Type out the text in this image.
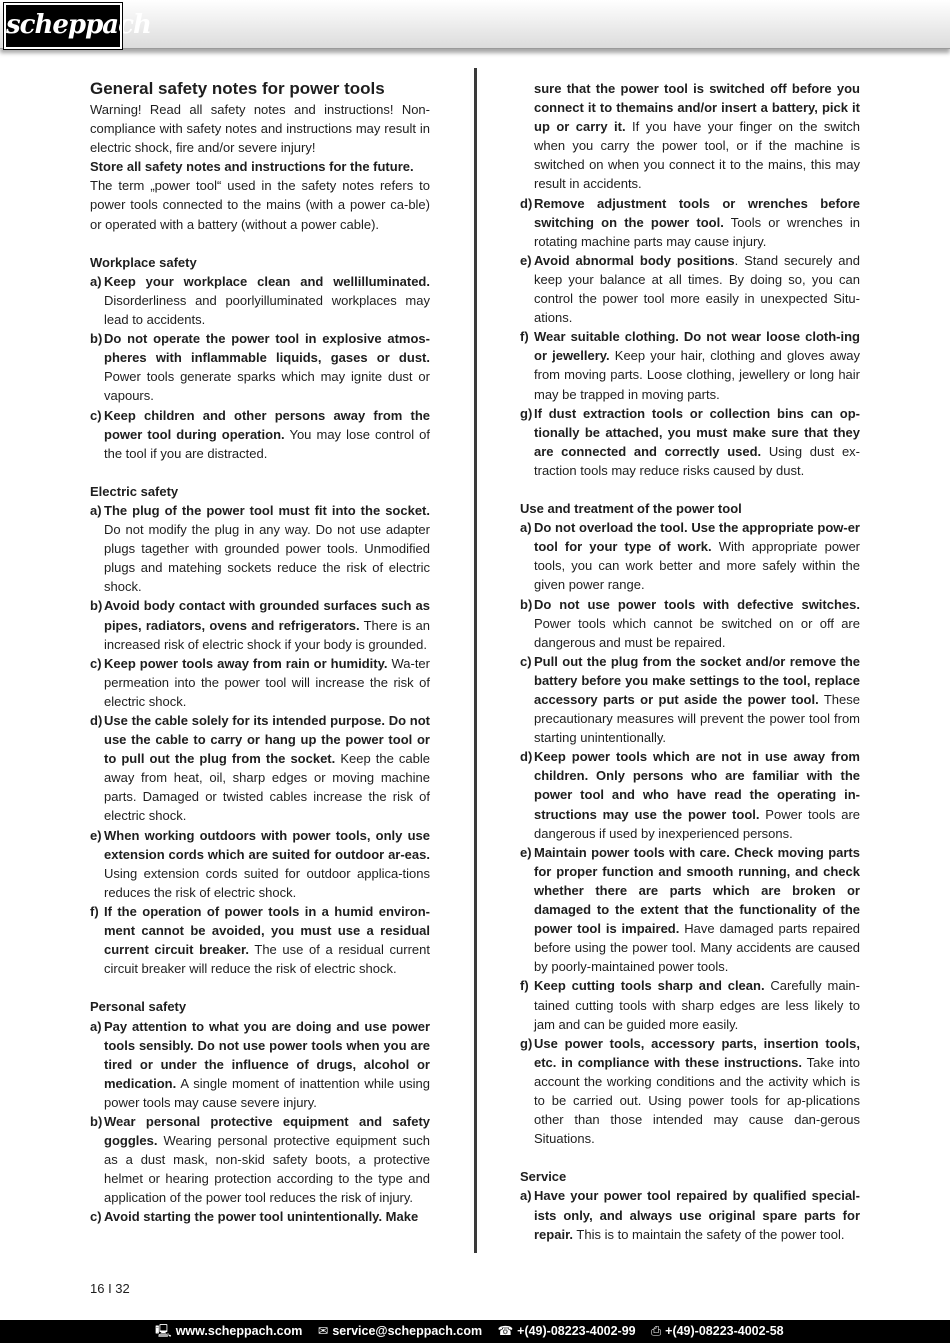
scheppach
General safety notes for power tools

Warning! Read all safety notes and instructions! Non-compliance with safety notes and instructions may result in electric shock, fire and/or severe injury!

Store all safety notes and instructions for the future.

The term „power tool“ used in the safety notes refers to power tools connected to the mains (with a power ca-ble) or operated with a battery (without a power cable).

Workplace safety

a) Keep your workplace clean and wellilluminated. Disorderliness and poorlyilluminated workplaces may lead to accidents.
b) Do not operate the power tool in explosive atmos-pheres with inflammable liquids, gases or dust. Power tools generate sparks which may ignite dust or vapours.
c) Keep children and other persons away from the power tool during operation. You may lose control of the tool if you are distracted.

Electric safety

a) The plug of the power tool must fit into the socket. Do not modify the plug in any way. Do not use adapter plugs tagether with grounded power tools. Unmodified plugs and matehing sockets reduce the risk of electric shock.
b) Avoid body contact with grounded surfaces such as pipes, radiators, ovens and refrigerators. There is an increased risk of electric shock if your body is grounded.
c) Keep power tools away from rain or humidity. Wa-ter permeation into the power tool will increase the risk of electric shock.
d) Use the cable solely for its intended purpose. Do not use the cable to carry or hang up the power tool or to pull out the plug from the socket. Keep the cable away from heat, oil, sharp edges or moving machine parts. Damaged or twisted cables increase the risk of electric shock.
e) When working outdoors with power tools, only use extension cords which are suited for outdoor ar-eas. Using extension cords suited for outdoor applica-tions reduces the risk of electric shock.
f) If the operation of power tools in a humid environ-ment cannot be avoided, you must use a residual current circuit breaker. The use of a residual current circuit breaker will reduce the risk of electric shock.

Personal safety

a) Pay attention to what you are doing and use power tools sensibly. Do not use power tools when you are tired or under the influence of drugs, alcohol or medication. A single moment of inattention while using power tools may cause severe injury.
b) Wear personal protective equipment and safety goggles. Wearing personal protective equipment such as a dust mask, non-skid safety boots, a protective helmet or hearing protection according to the type and application of the power tool reduces the risk of injury.
c) Avoid starting the power tool unintentionally. Make
sure that the power tool is switched off before you connect it to themains and/or insert a battery, pick it up or carry it. If you have your finger on the switch when you carry the power tool, or if the machine is switched on when you connect it to the mains, this may result in accidents.
d) Remove adjustment tools or wrenches before switching on the power tool. Tools or wrenches in rotating machine parts may cause injury.
e) Avoid abnormal body positions. Stand securely and keep your balance at all times. By doing so, you can control the power tool more easily in unexpected Situ-ations.
f) Wear suitable clothing. Do not wear loose cloth-ing or jewellery. Keep your hair, clothing and gloves away from moving parts. Loose clothing, jewellery or long hair may be trapped in moving parts.
g) If dust extraction tools or collection bins can op-tionally be attached, you must make sure that they are connected and correctly used. Using dust ex-traction tools may reduce risks caused by dust.

Use and treatment of the power tool

a) Do not overload the tool. Use the appropriate pow-er tool for your type of work. With appropriate power tools, you can work better and more safely within the given power range.
b) Do not use power tools with defective switches. Power tools which cannot be switched on or off are dangerous and must be repaired.
c) Pull out the plug from the socket and/or remove the battery before you make settings to the tool, replace accessory parts or put aside the power tool. These precautionary measures will prevent the power tool from starting unintentionally.
d) Keep power tools which are not in use away from children. Only persons who are familiar with the power tool and who have read the operating in-structions may use the power tool. Power tools are dangerous if used by inexperienced persons.
e) Maintain power tools with care. Check moving parts for proper function and smooth running, and check whether there are parts which are broken or damaged to the extent that the functionality of the power tool is impaired. Have damaged parts repaired before using the power tool. Many accidents are caused by poorly-maintained power tools.
f) Keep cutting tools sharp and clean. Carefully main-tained cutting tools with sharp edges are less likely to jam and can be guided more easily.
g) Use power tools, accessory parts, insertion tools, etc. in compliance with these instructions. Take into account the working conditions and the activity which is to be carried out. Using power tools for ap-plications other than those intended may cause dan-gerous Situations.

Service

a) Have your power tool repaired by qualified special-ists only, and always use original spare parts for repair. This is to maintain the safety of the power tool.
16 I 32
🖳 www.scheppach.com ✉ service@scheppach.com ☎ +(49)-08223-4002-99 ⎙ +(49)-08223-4002-58
